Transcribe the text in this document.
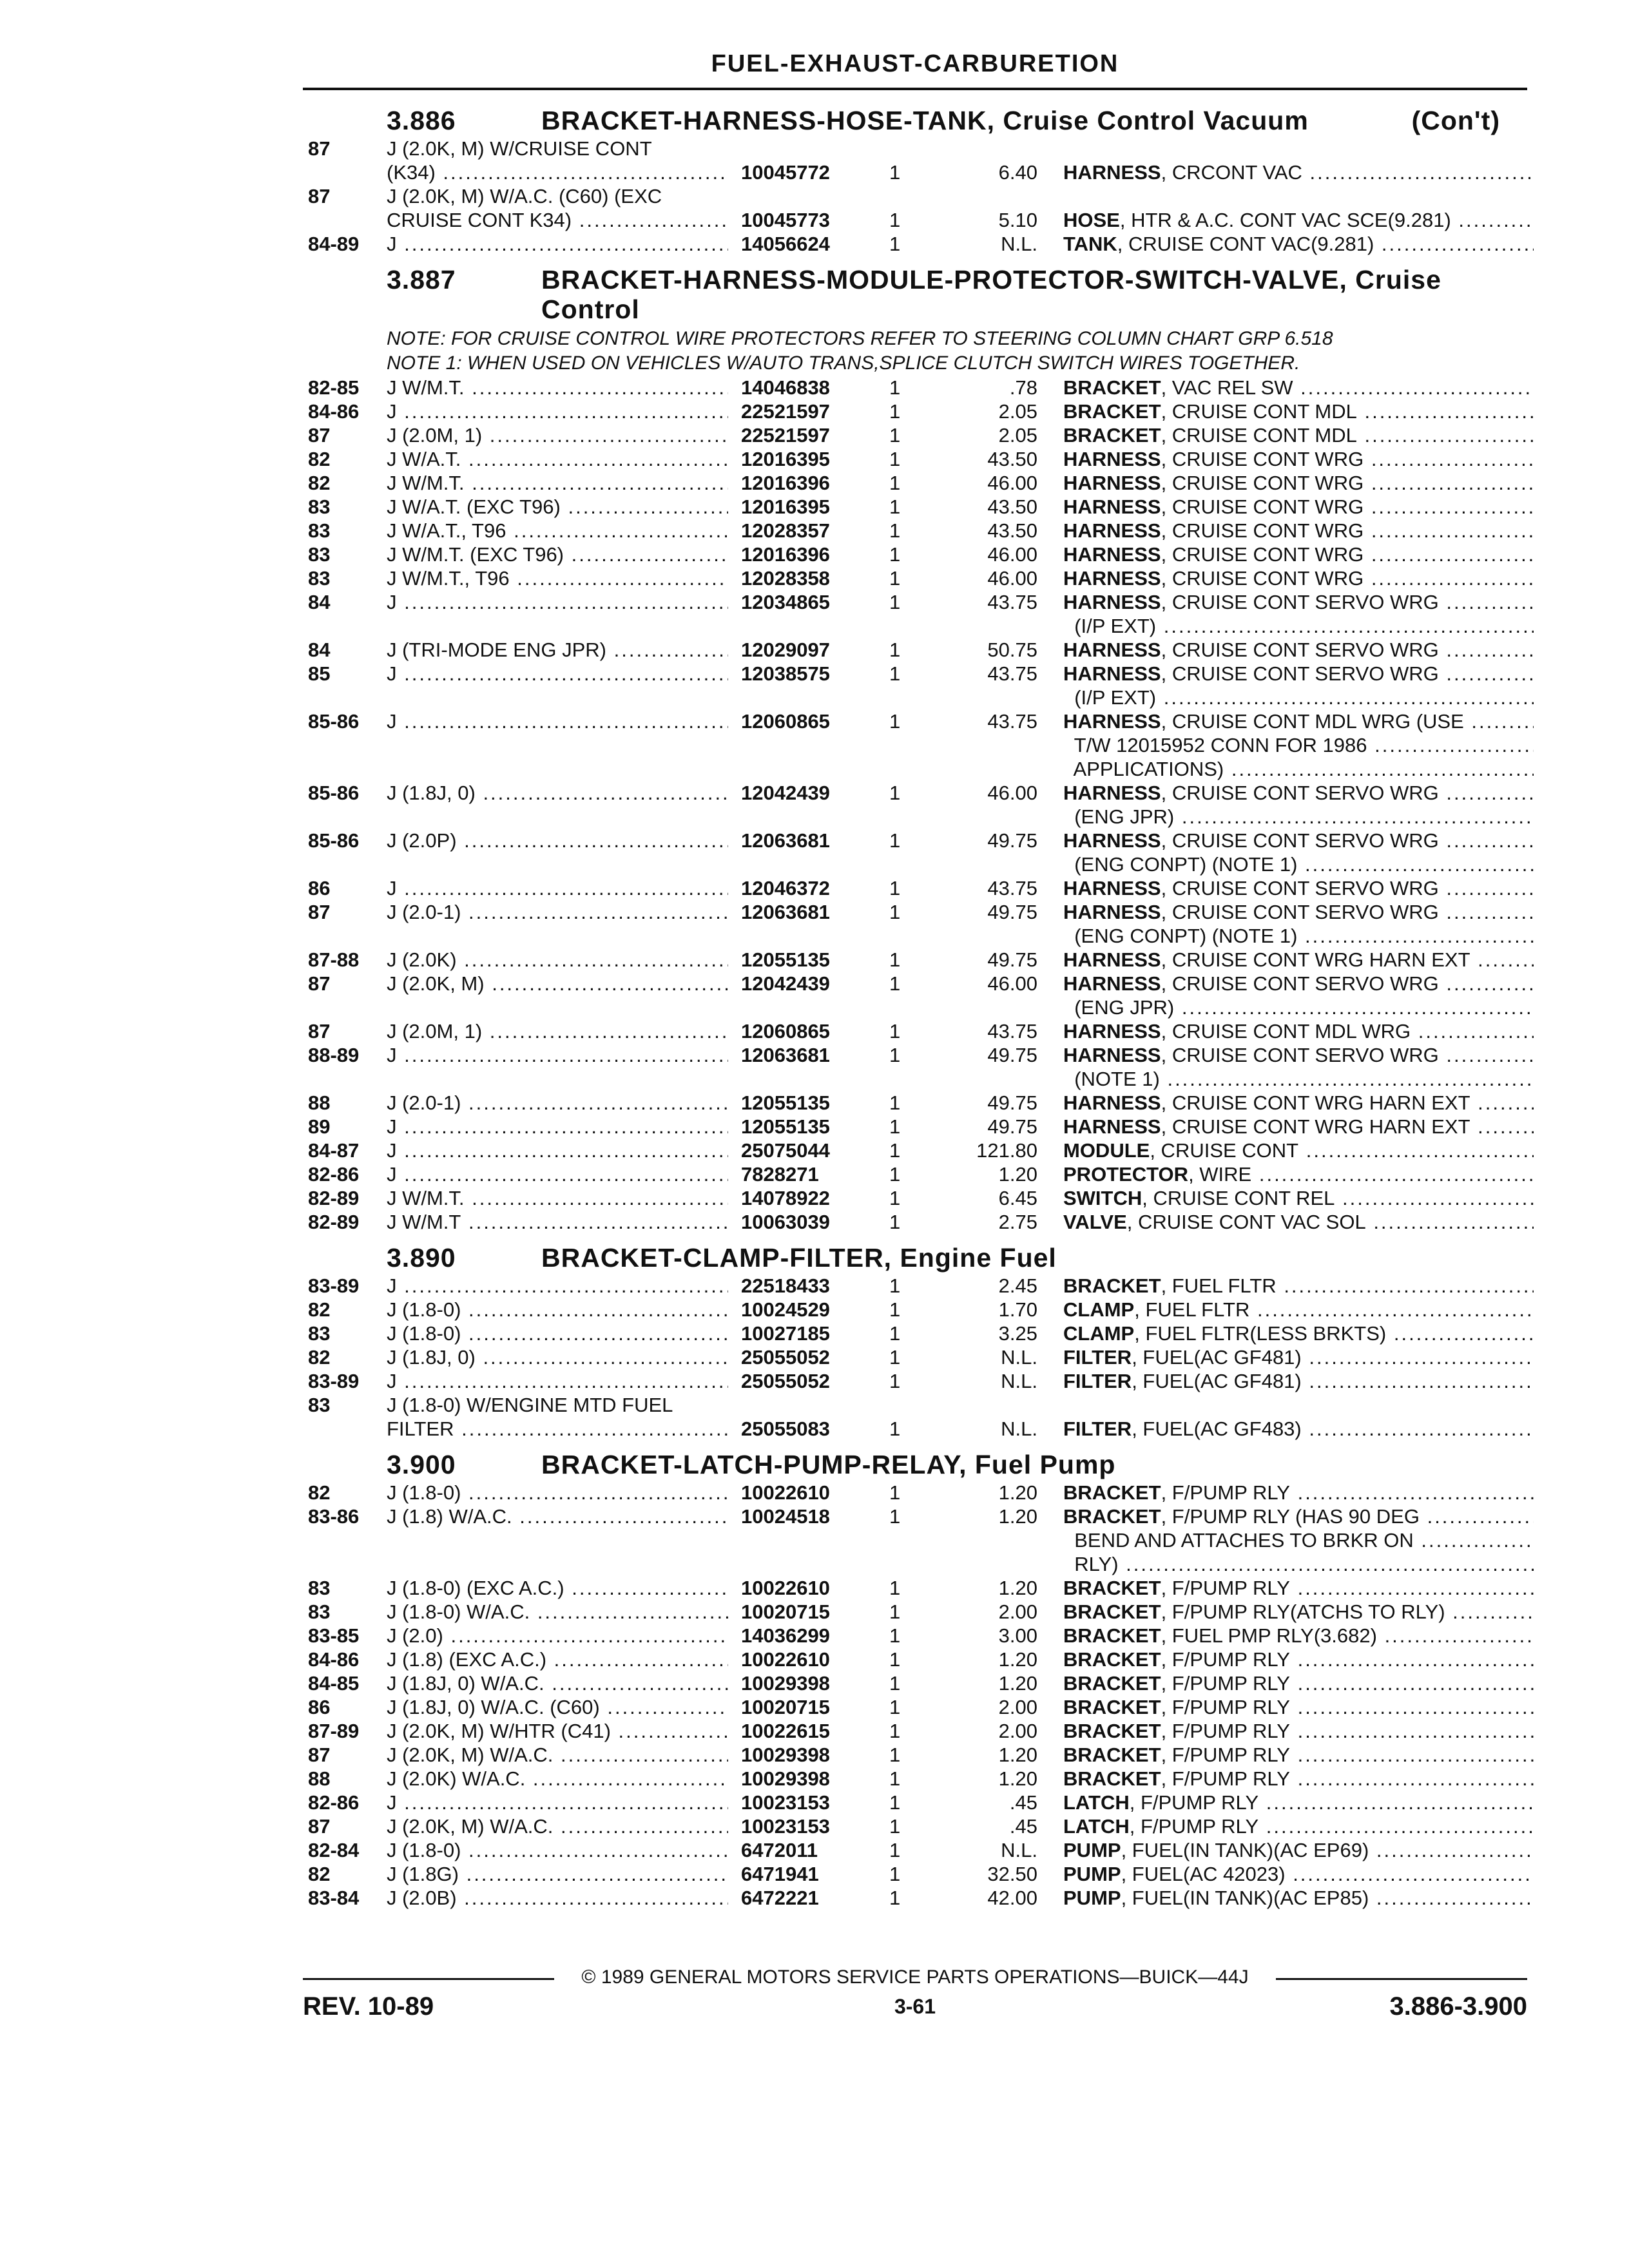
FUEL-EXHAUST-CARBURETION
3.886	BRACKET-HARNESS-HOSE-TANK, Cruise Control Vacuum	(Con't)
87	J (2.0K, M) W/CRUISE CONT
(K34) .....	10045772	1	6.40 HARNESS, CRCONT VAC .....
87	J (2.0K, M) W/A.C. (C60) (EXC
CRUISE CONT K34) .....	10045773	1	5.10 HOSE, HTR & A.C. CONT VAC SCE(9.281) .....
84-89 J .....	14056624	1	N.L. TANK, CRUISE CONT VAC(9.281) .....
3.887	BRACKET-HARNESS-MODULE-PROTECTOR-SWITCH-VALVE, Cruise Control
NOTE: FOR CRUISE CONTROL WIRE PROTECTORS REFER TO STEERING COLUMN CHART GRP 6.518
NOTE 1: WHEN USED ON VEHICLES W/AUTO TRANS,SPLICE CLUTCH SWITCH WIRES TOGETHER.
82-85 J W/M.T. .....	14046838	1	.78 BRACKET, VAC REL SW .....
84-86 J .....	22521597	1	2.05 BRACKET, CRUISE CONT MDL .....
87	J (2.0M, 1) .....	22521597	1	2.05 BRACKET, CRUISE CONT MDL .....
82	J W/A.T. .....	12016395	1	43.50 HARNESS, CRUISE CONT WRG .....
82	J W/M.T. .....	12016396	1	46.00 HARNESS, CRUISE CONT WRG .....
83	J W/A.T. (EXC T96) .....	12016395	1	43.50 HARNESS, CRUISE CONT WRG .....
83	J W/A.T., T96 .....	12028357	1	43.50 HARNESS, CRUISE CONT WRG .....
83	J W/M.T. (EXC T96) .....	12016396	1	46.00 HARNESS, CRUISE CONT WRG .....
83	J W/M.T., T96 .....	12028358	1	46.00 HARNESS, CRUISE CONT WRG .....
84	J .....	12034865	1	43.75 HARNESS, CRUISE CONT SERVO WRG .....
(I/P EXT) .....
84	J (TRI-MODE ENG JPR) .....	12029097	1	50.75 HARNESS, CRUISE CONT SERVO WRG .....
85	J .....	12038575	1	43.75 HARNESS, CRUISE CONT SERVO WRG .....
(I/P EXT) .....
85-86 J .....	12060865	1	43.75 HARNESS, CRUISE CONT MDL WRG (USE .....
T/W 12015952 CONN FOR 1986 .....
APPLICATIONS) .....
85-86 J (1.8J, 0) .....	12042439	1	46.00 HARNESS, CRUISE CONT SERVO WRG .....
(ENG JPR) .....
85-86 J (2.0P) .....	12063681	1	49.75 HARNESS, CRUISE CONT SERVO WRG .....
(ENG CONPT) (NOTE 1) .....
86	J .....	12046372	1	43.75 HARNESS, CRUISE CONT SERVO WRG .....
87	J (2.0-1) .....	12063681	1	49.75 HARNESS, CRUISE CONT SERVO WRG .....
(ENG CONPT) (NOTE 1) .....
87-88 J (2.0K) .....	12055135	1	49.75 HARNESS, CRUISE CONT WRG HARN EXT .....
87	J (2.0K, M) .....	12042439	1	46.00 HARNESS, CRUISE CONT SERVO WRG .....
(ENG JPR) .....
87	J (2.0M, 1) .....	12060865	1	43.75 HARNESS, CRUISE CONT MDL WRG .....
88-89 J .....	12063681	1	49.75 HARNESS, CRUISE CONT SERVO WRG .....
(NOTE 1) .....
88	J (2.0-1) .....	12055135	1	49.75 HARNESS, CRUISE CONT WRG HARN EXT .....
89	J .....	12055135	1	49.75 HARNESS, CRUISE CONT WRG HARN EXT .....
84-87 J .....	25075044	1	121.80 MODULE, CRUISE CONT .....
82-86 J .....	7828271	1	1.20 PROTECTOR, WIRE .....
82-89 J W/M.T. .....	14078922	1	6.45 SWITCH, CRUISE CONT REL .....
82-89 J W/M.T .....	10063039	1	2.75 VALVE, CRUISE CONT VAC SOL .....
3.890	BRACKET-CLAMP-FILTER, Engine Fuel
83-89 J .....	22518433	1	2.45 BRACKET, FUEL FLTR .....
82	J (1.8-0) .....	10024529	1	1.70 CLAMP, FUEL FLTR .....
83	J (1.8-0) .....	10027185	1	3.25 CLAMP, FUEL FLTR(LESS BRKTS) .....
82	J (1.8J, 0) .....	25055052	1	N.L. FILTER, FUEL(AC GF481) .....
83-89 J .....	25055052	1	N.L. FILTER, FUEL(AC GF481) .....
83	J (1.8-0) W/ENGINE MTD FUEL
FILTER .....	25055083	1	N.L. FILTER, FUEL(AC GF483) .....
3.900	BRACKET-LATCH-PUMP-RELAY, Fuel Pump
82	J (1.8-0) .....	10022610	1	1.20 BRACKET, F/PUMP RLY .....
83-86 J (1.8) W/A.C. .....	10024518	1	1.20 BRACKET, F/PUMP RLY (HAS 90 DEG .....
BEND AND ATTACHES TO BRKR ON .....
RLY) .....
83	J (1.8-0) (EXC A.C.) .....	10022610	1	1.20 BRACKET, F/PUMP RLY .....
83	J (1.8-0) W/A.C. .....	10020715	1	2.00 BRACKET, F/PUMP RLY(ATCHS TO RLY) .....
83-85 J (2.0) .....	14036299	1	3.00 BRACKET, FUEL PMP RLY(3.682) .....
84-86 J (1.8) (EXC A.C.) .....	10022610	1	1.20 BRACKET, F/PUMP RLY .....
84-85 J (1.8J, 0) W/A.C. .....	10029398	1	1.20 BRACKET, F/PUMP RLY .....
86	J (1.8J, 0) W/A.C. (C60) .....	10020715	1	2.00 BRACKET, F/PUMP RLY .....
87-89 J (2.0K, M) W/HTR (C41) .....	10022615	1	2.00 BRACKET, F/PUMP RLY .....
87	J (2.0K, M) W/A.C. .....	10029398	1	1.20 BRACKET, F/PUMP RLY .....
88	J (2.0K) W/A.C. .....	10029398	1	1.20 BRACKET, F/PUMP RLY .....
82-86 J .....	10023153	1	.45 LATCH, F/PUMP RLY .....
87	J (2.0K, M) W/A.C. .....	10023153	1	.45 LATCH, F/PUMP RLY .....
82-84 J (1.8-0) .....	6472011	1	N.L. PUMP, FUEL(IN TANK)(AC EP69) .....
82	J (1.8G) .....	6471941	1	32.50 PUMP, FUEL(AC 42023) .....
83-84 J (2.0B) .....	6472221	1	42.00 PUMP, FUEL(IN TANK)(AC EP85) .....
© 1989 GENERAL MOTORS SERVICE PARTS OPERATIONS—BUICK—44J
REV. 10-89	3-61	3.886-3.900
